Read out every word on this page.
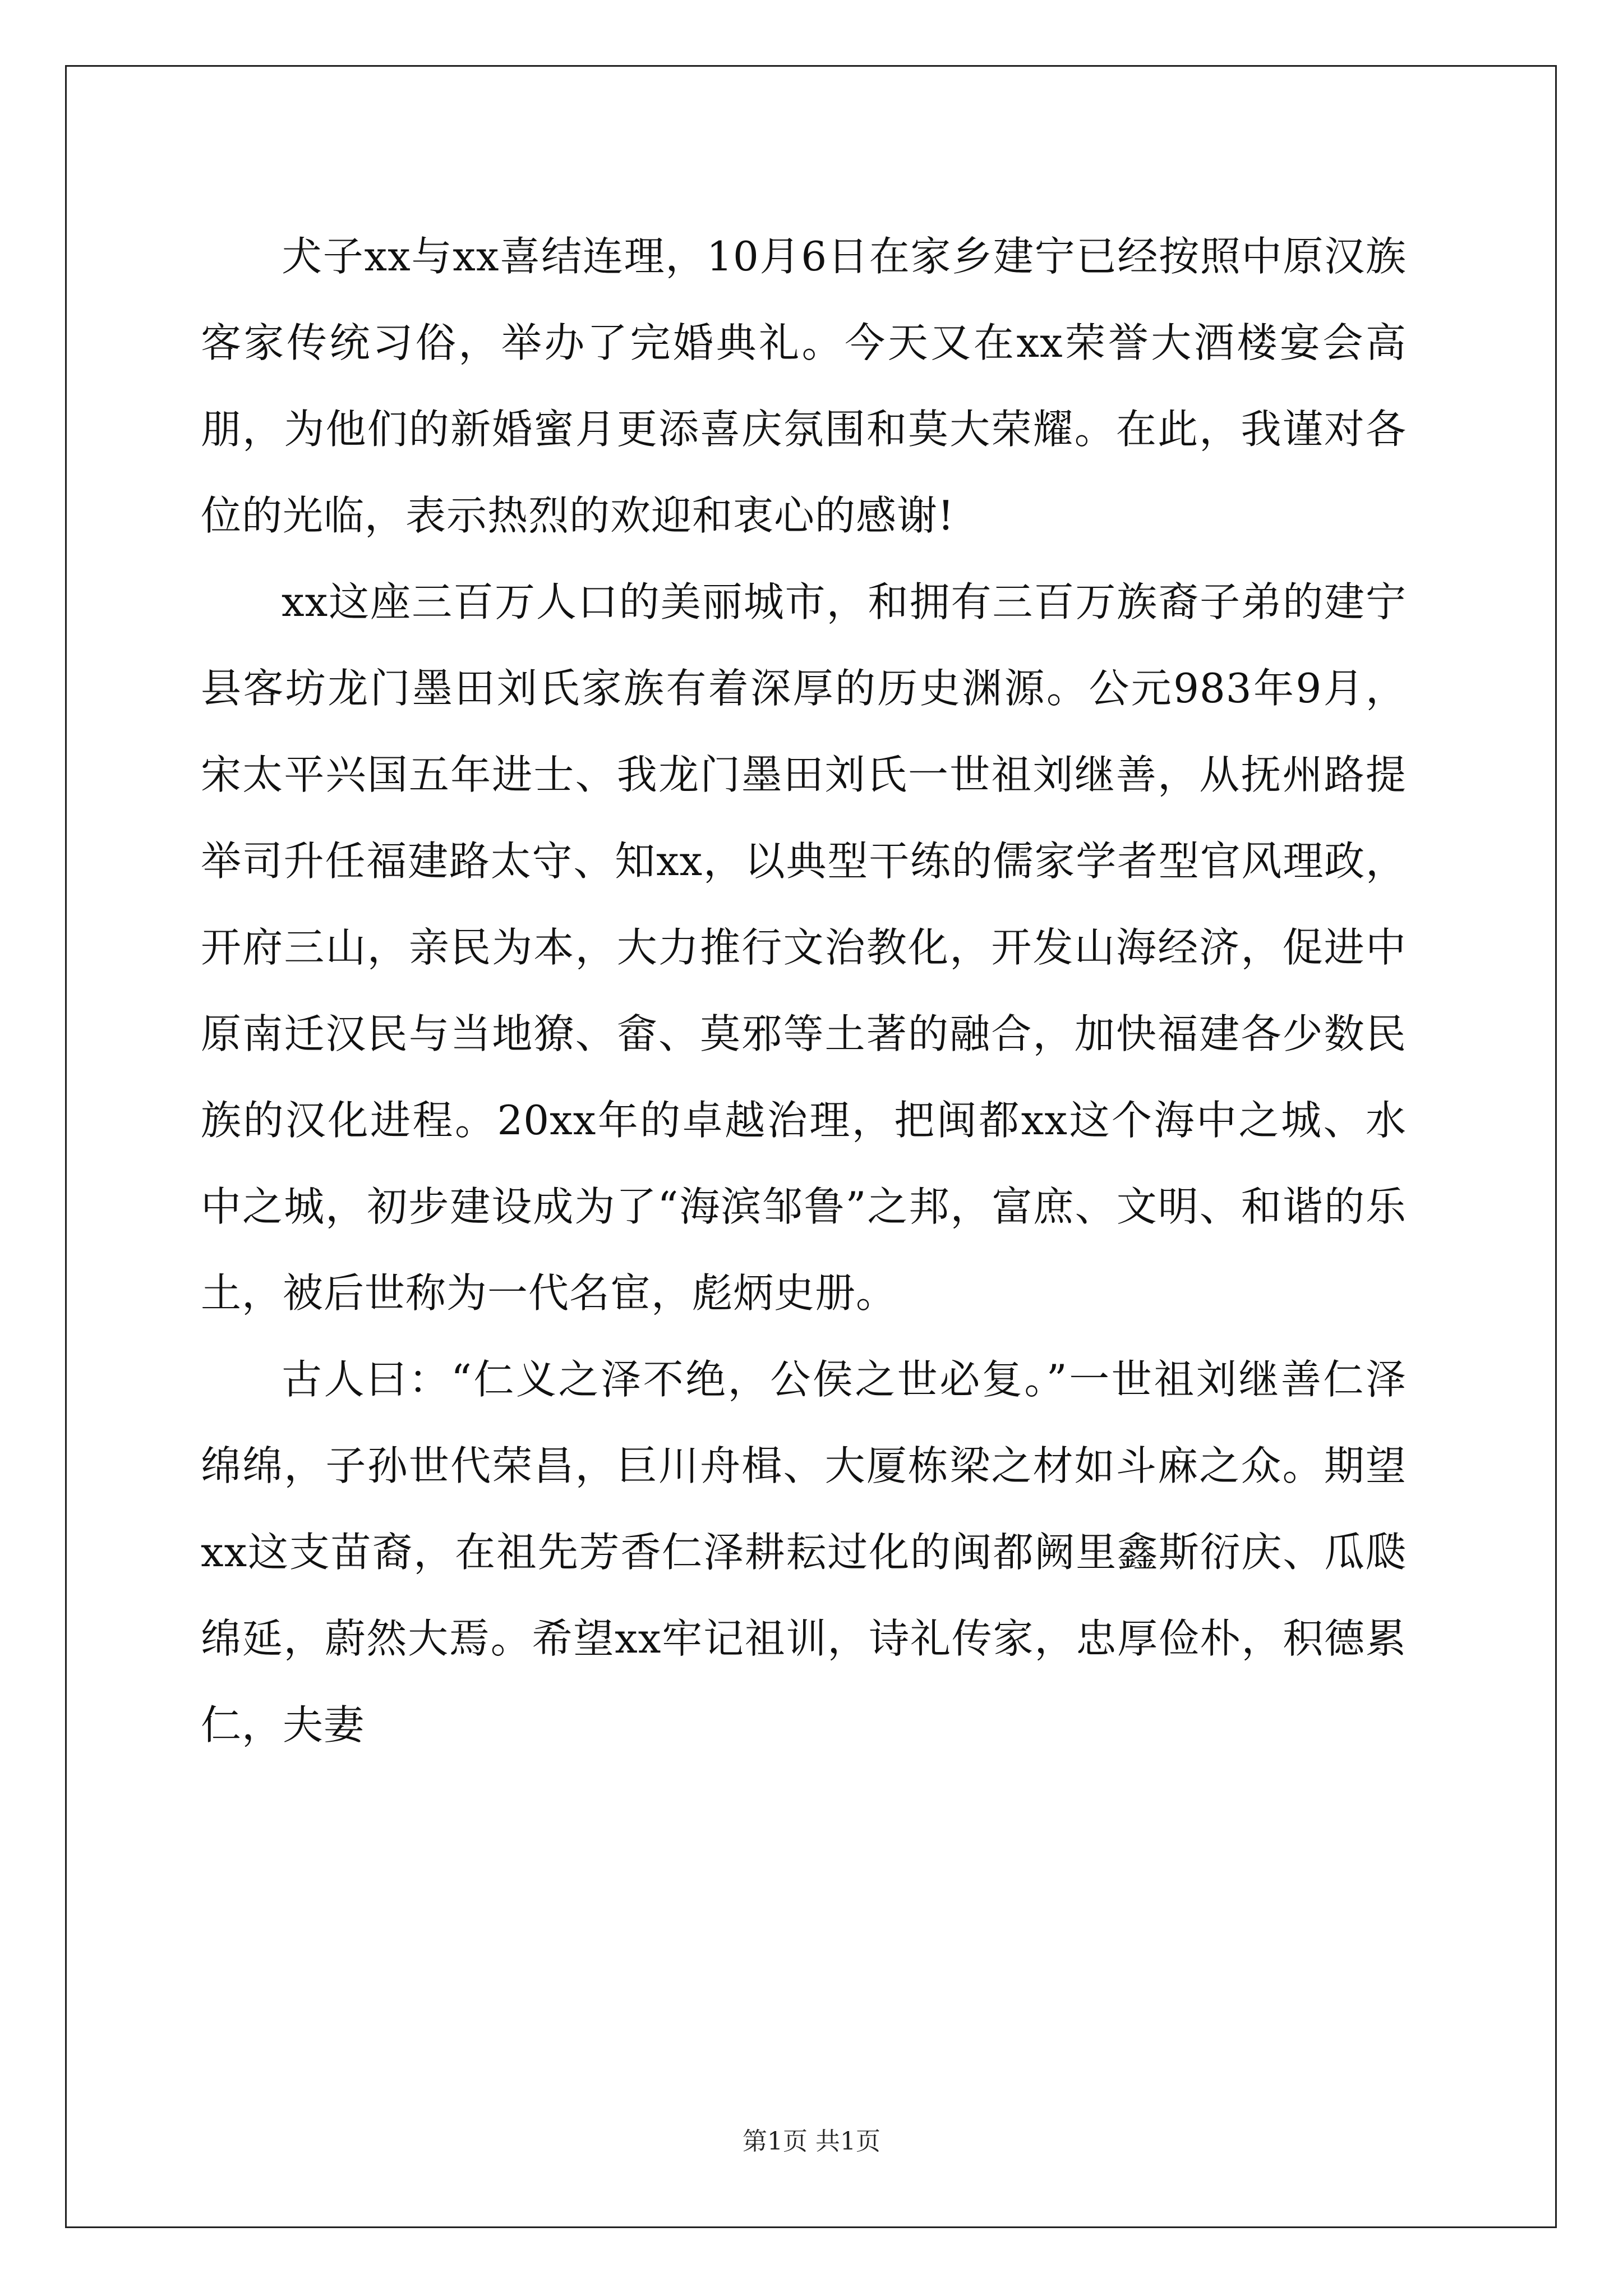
犬子xx与xx喜结连理，10月6日在家乡建宁已经按照中原汉族客家传统习俗，举办了完婚典礼。今天又在xx荣誉大酒楼宴会高朋，为他们的新婚蜜月更添喜庆氛围和莫大荣耀。在此，我谨对各位的光临，表示热烈的欢迎和衷心的感谢!

xx这座三百万人口的美丽城市，和拥有三百万族裔子弟的建宁县客坊龙门墨田刘氏家族有着深厚的历史渊源。公元983年9月，宋太平兴国五年进士、我龙门墨田刘氏一世祖刘继善，从抚州路提举司升任福建路太守、知xx，以典型干练的儒家学者型官风理政，开府三山，亲民为本，大力推行文治教化，开发山海经济，促进中原南迁汉民与当地獠、畲、莫邪等土著的融合，加快福建各少数民族的汉化进程。20xx年的卓越治理，把闽都xx这个海中之城、水中之城，初步建设成为了“海滨邹鲁”之邦，富庶、文明、和谐的乐土，被后世称为一代名宦，彪炳史册。

古人曰：“仁义之泽不绝，公侯之世必复。”一世祖刘继善仁泽绵绵，子孙世代荣昌，巨川舟楫、大厦栋梁之材如斗麻之众。期望xx这支苗裔，在祖先芳香仁泽耕耘过化的闽都阙里鑫斯衍庆、瓜瓞绵延，蔚然大焉。希望xx牢记祖训，诗礼传家，忠厚俭朴，积德累仁，夫妻

第1页 共1页
